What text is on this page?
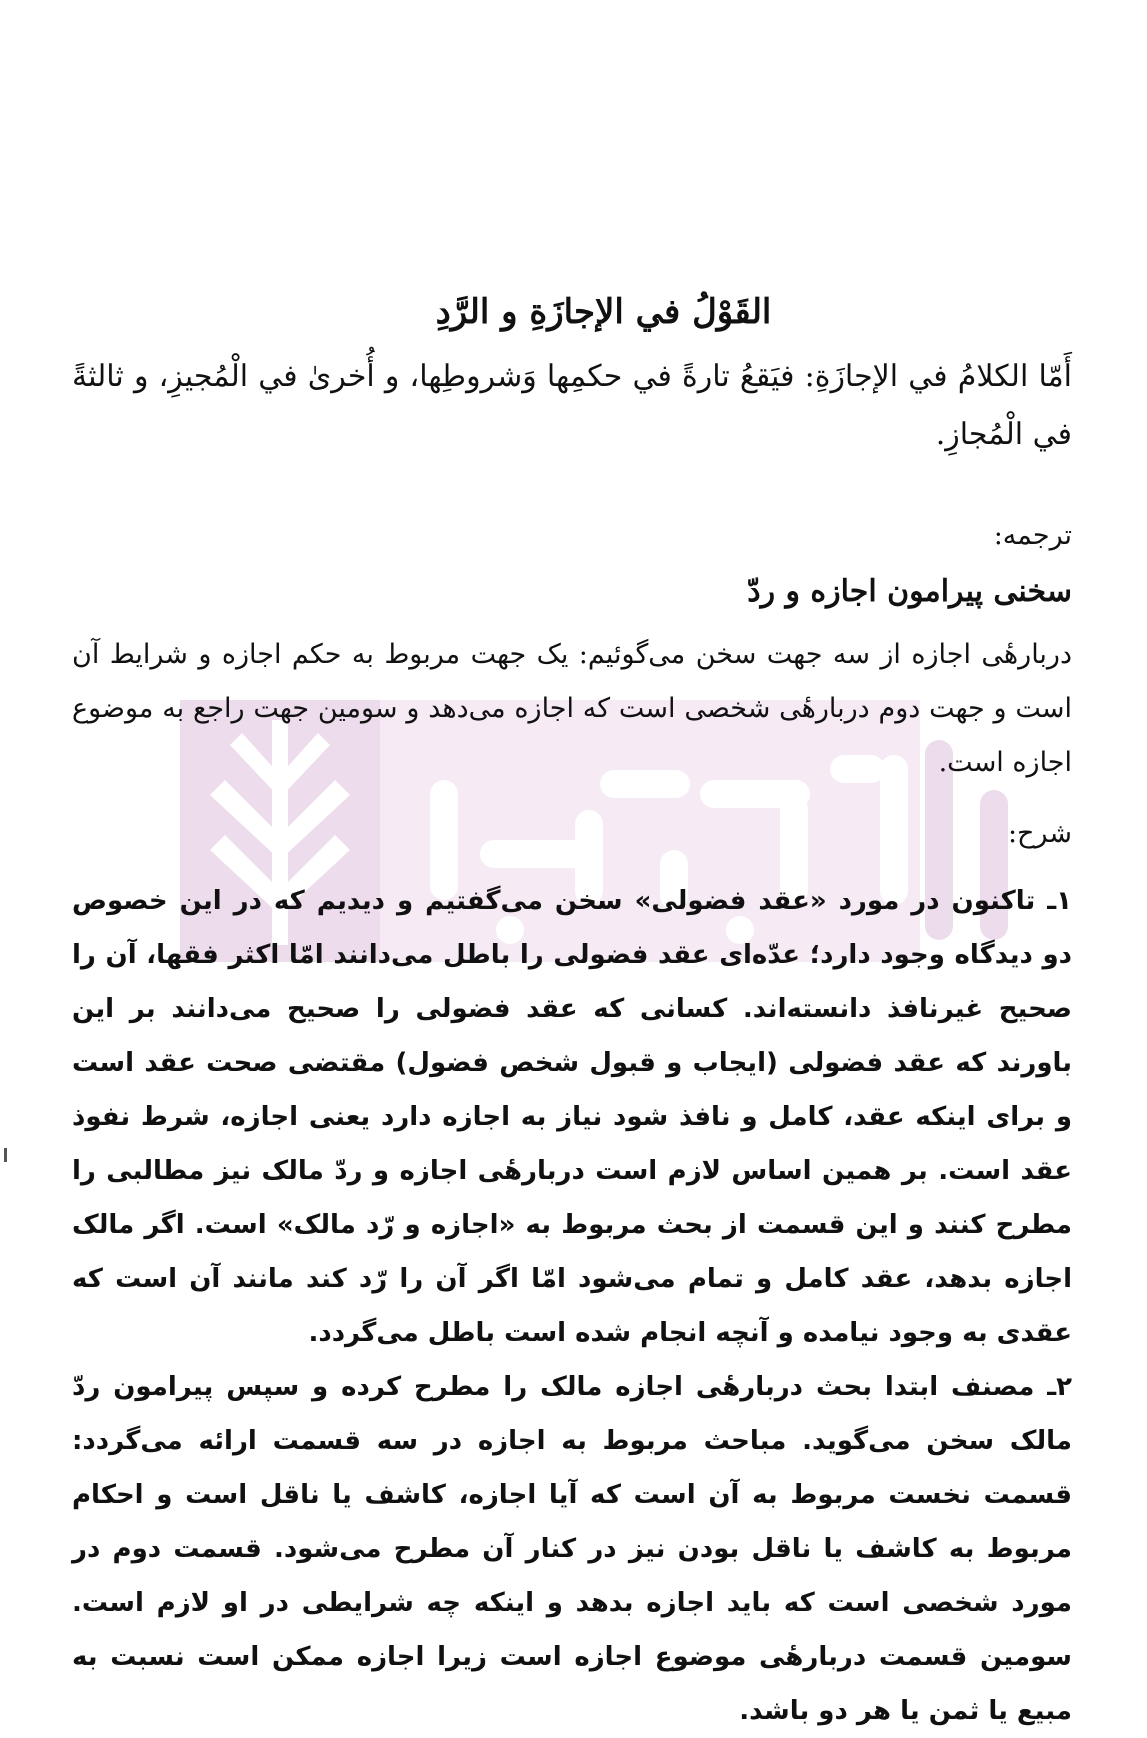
القَوْلُ في الإجازَةِ و الرَّدِ
أَمّا الكلامُ في الإجازَةِ: فيَقعُ تارةً في حكمِها وَشروطِها، و أُخرىٰ في الْمُجيزِ، و ثالثةً في الْمُجازِ.
ترجمه:
سخنی پیرامون اجازه و ردّ
دربارهٔی اجازه از سه جهت سخن می‌گوئیم: یک جهت مربوط به حکم اجازه و شرایط آن است و جهت دوم دربارهٔی شخصی است که اجازه می‌دهد و سومین جهت راجع به موضوع اجازه است.
شرح:
۱ـ تاکنون در مورد «عقد فضولی» سخن می‌گفتیم و دیدیم که در این خصوص دو دیدگاه وجود دارد؛ عدّه‌ای عقد فضولی را باطل می‌دانند امّا اکثر فقها، آن را صحیح غیرنافذ دانسته‌اند. کسانی که عقد فضولی را صحیح می‌دانند بر این باورند که عقد فضولی (ایجاب و قبول شخص فضول) مقتضی صحت عقد است و برای اینکه عقد، کامل و نافذ شود نیاز به اجازه دارد یعنی اجازه، شرط نفوذ عقد است. بر همین اساس لازم است دربارهٔی اجازه و ردّ مالک نیز مطالبی را مطرح کنند و این قسمت از بحث مربوط به «اجازه و رّد مالک» است. اگر مالک اجازه بدهد، عقد کامل و تمام می‌شود امّا اگر آن را رّد کند مانند آن است که عقدی به وجود نیامده و آنچه انجام شده است باطل می‌گردد.
۲ـ مصنف ابتدا بحث دربارهٔی اجازه مالک را مطرح کرده و سپس پیرامون ردّ مالک سخن می‌گوید. مباحث مربوط به اجازه در سه قسمت ارائه می‌گردد: قسمت نخست مربوط به آن است که آیا اجازه، کاشف یا ناقل است و احکام مربوط به کاشف یا ناقل بودن نیز در کنار آن مطرح می‌شود. قسمت دوم در مورد شخصی است که باید اجازه بدهد و اینکه چه شرایطی در او لازم است. سومین قسمت دربارهٔی موضوع اجازه است زیرا اجازه ممکن است نسبت به مبیع یا ثمن یا هر دو باشد.
